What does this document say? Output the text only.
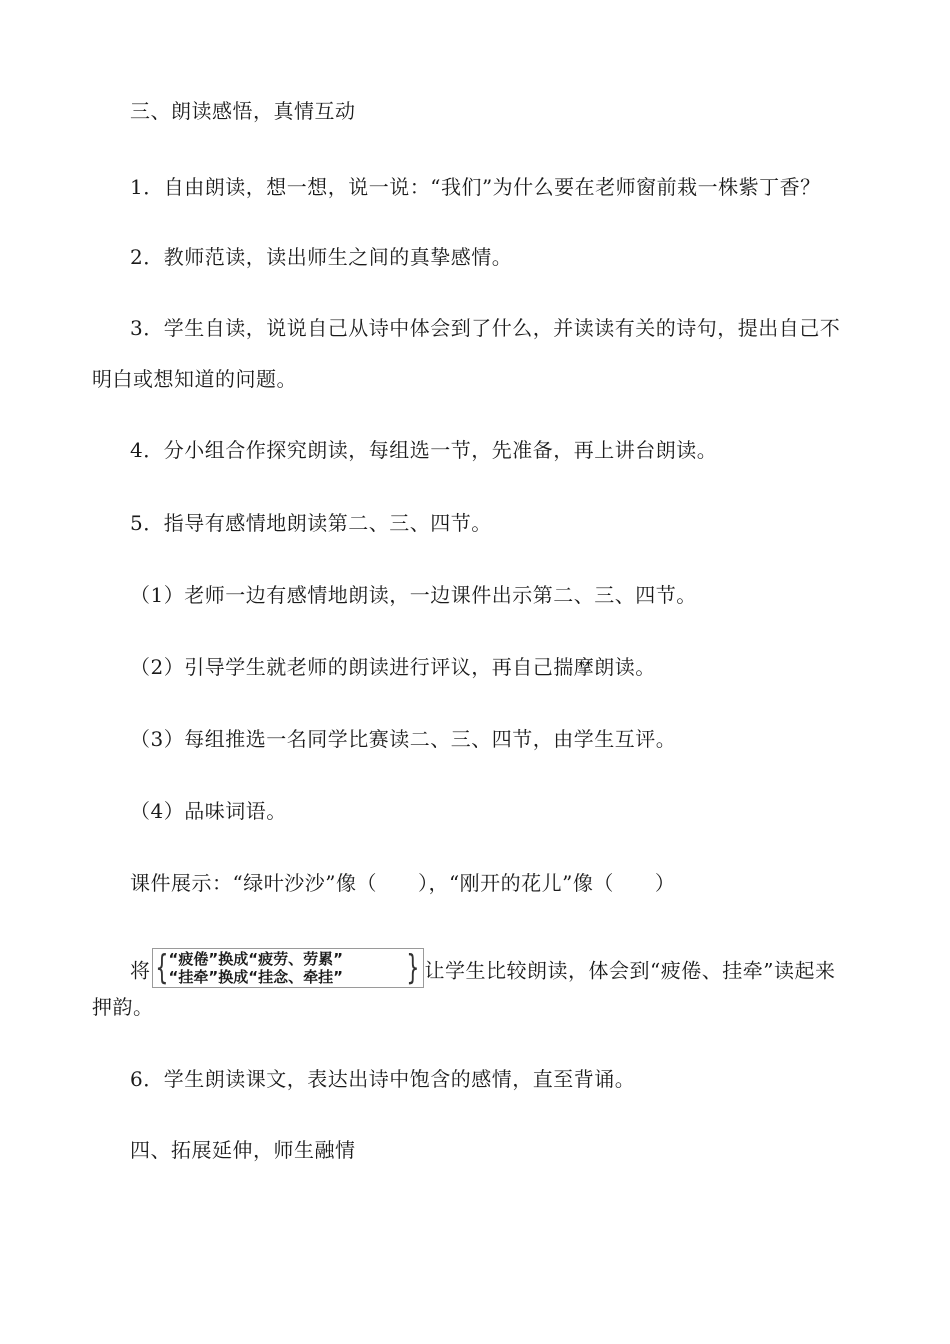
三、朗读感悟，真情互动
1．自由朗读，想一想，说一说：“我们”为什么要在老师窗前栽一株紫丁香？
2．教师范读，读出师生之间的真挚感情。
3．学生自读，说说自己从诗中体会到了什么，并读读有关的诗句，提出自己不
明白或想知道的问题。
4．分小组合作探究朗读，每组选一节，先准备，再上讲台朗读。
5．指导有感情地朗读第二、三、四节。
（1）老师一边有感情地朗读，一边课件出示第二、三、四节。
（2）引导学生就老师的朗读进行评议，再自己揣摩朗读。
（3）每组推选一名同学比赛读二、三、四节，由学生互评。
（4）品味词语。
课件展示：“绿叶沙沙”像（　　），“刚开的花儿”像（　　）
将 { “疲倦”换成“疲劳、劳累”
“挂牵”换成“挂念、牵挂” } 让学生比较朗读，体会到“疲倦、挂牵”读起来
押韵。
6．学生朗读课文，表达出诗中饱含的感情，直至背诵。
四、拓展延伸，师生融情
